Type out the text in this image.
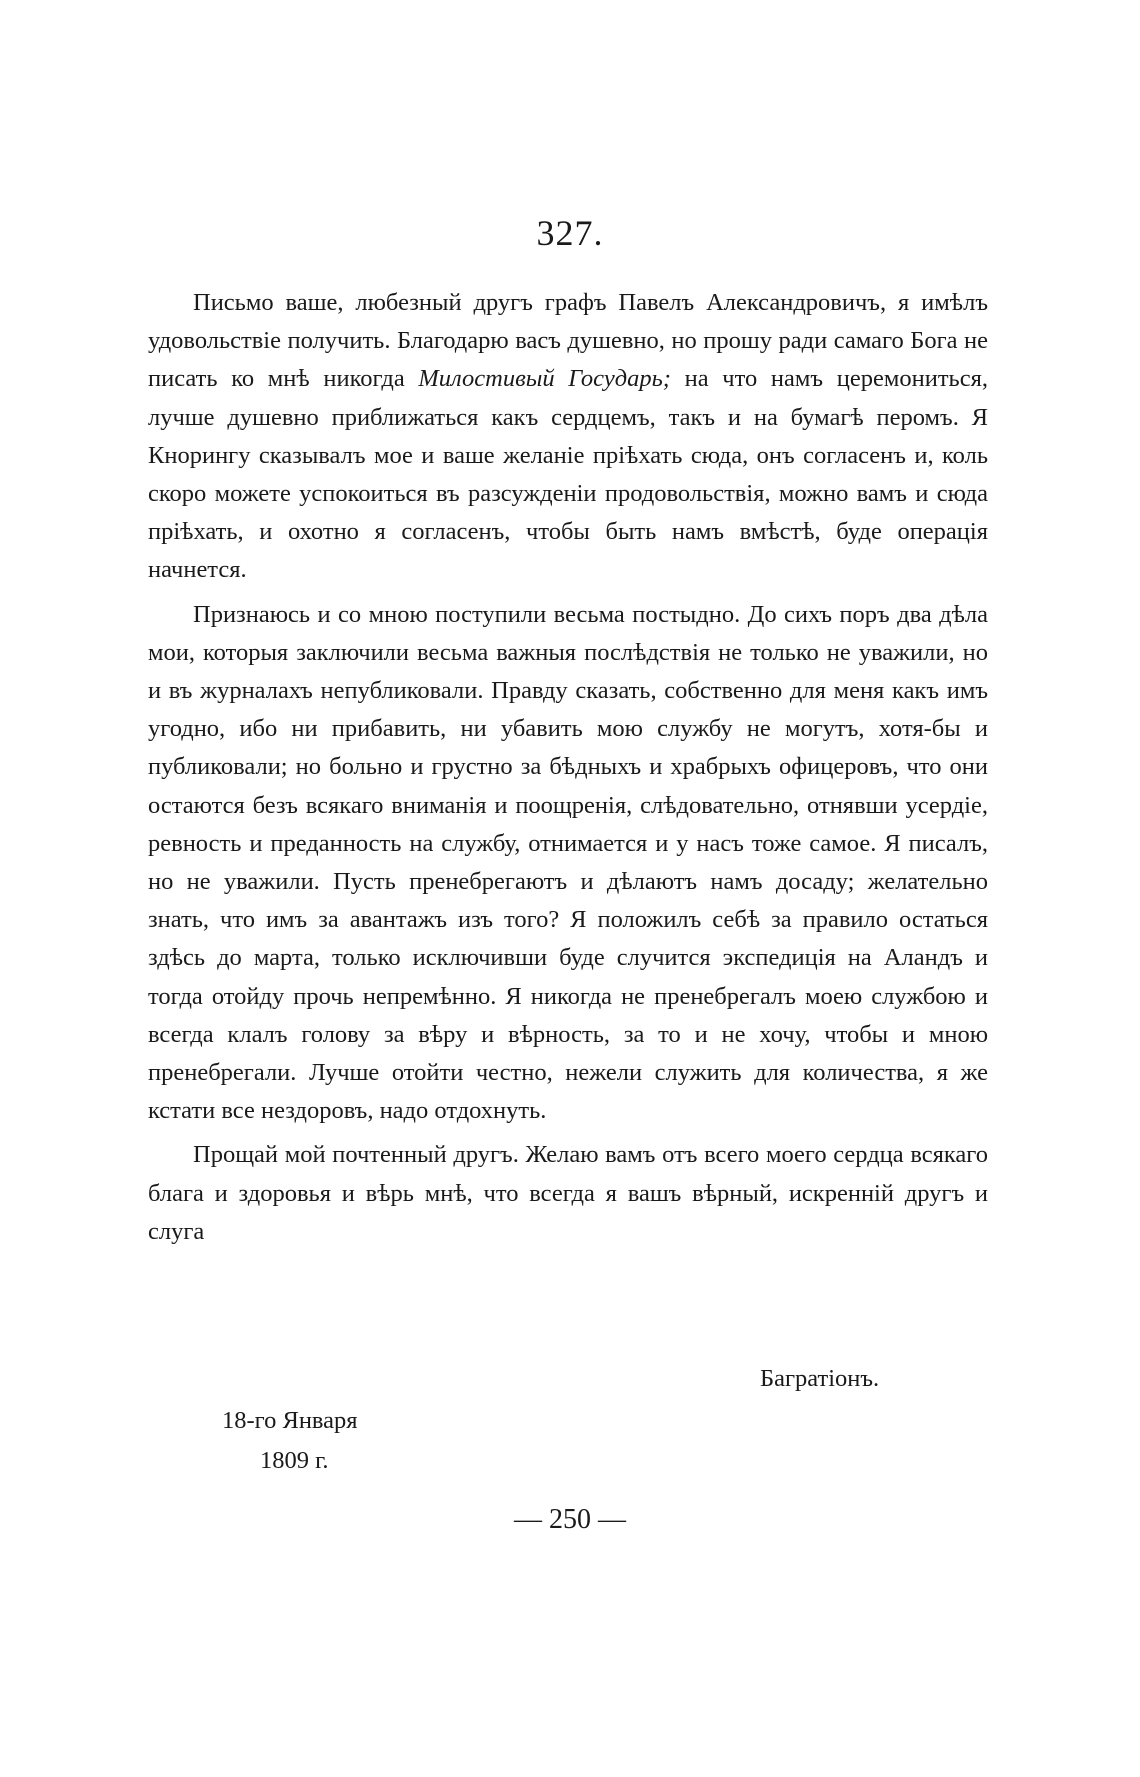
327.

Письмо ваше, любезный другъ графъ Павелъ Александровичъ, я имѣлъ удовольствіе получить. Благодарю васъ душевно, но прошу ради самаго Бога не писать ко мнѣ никогда Милостивый Государь; на что намъ церемониться, лучше душевно приближаться какъ сердцемъ, такъ и на бумагѣ перомъ. Я Кнорингу сказывалъ мое и ваше желаніе пріѣхать сюда, онъ согласенъ и, коль скоро можете успокоиться въ разсужденіи продовольствія, можно вамъ и сюда пріѣхать, и охотно я согласенъ, чтобы быть намъ вмѣстѣ, буде операція начнется.

Признаюсь и со мною поступили весьма постыдно. До сихъ поръ два дѣла мои, которыя заключили весьма важныя послѣдствія не только не уважили, но и въ журналахъ непубликовали. Правду сказать, собственно для меня какъ имъ угодно, ибо ни прибавить, ни убавить мою службу не могутъ, хотя-бы и публиковали; но больно и грустно за бѣдныхъ и храбрыхъ офицеровъ, что они остаются безъ всякаго вниманія и поощренія, слѣдовательно, отнявши усердіе, ревность и преданность на службу, отнимается и у насъ тоже самое. Я писалъ, но не уважили. Пусть пренебрегаютъ и дѣлаютъ намъ досаду; желательно знать, что имъ за авантажъ изъ того? Я положилъ себѣ за правило остаться здѣсь до марта, только исключивши буде случится экспедиція на Аландъ и тогда отойду прочь непремѣнно. Я никогда не пренебрегалъ моею службою и всегда клалъ голову за вѣру и вѣрность, за то и не хочу, чтобы и мною пренебрегали. Лучше отойти честно, нежели служить для количества, я же кстати все нездоровъ, надо отдохнуть.

Прощай мой почтенный другъ. Желаю вамъ отъ всего моего сердца всякаго блага и здоровья и вѣрь мнѣ, что всегда я вашъ вѣрный, искренній другъ и слуга

Багратіонъ.
18-го Января
1809 г.
— 250 —
